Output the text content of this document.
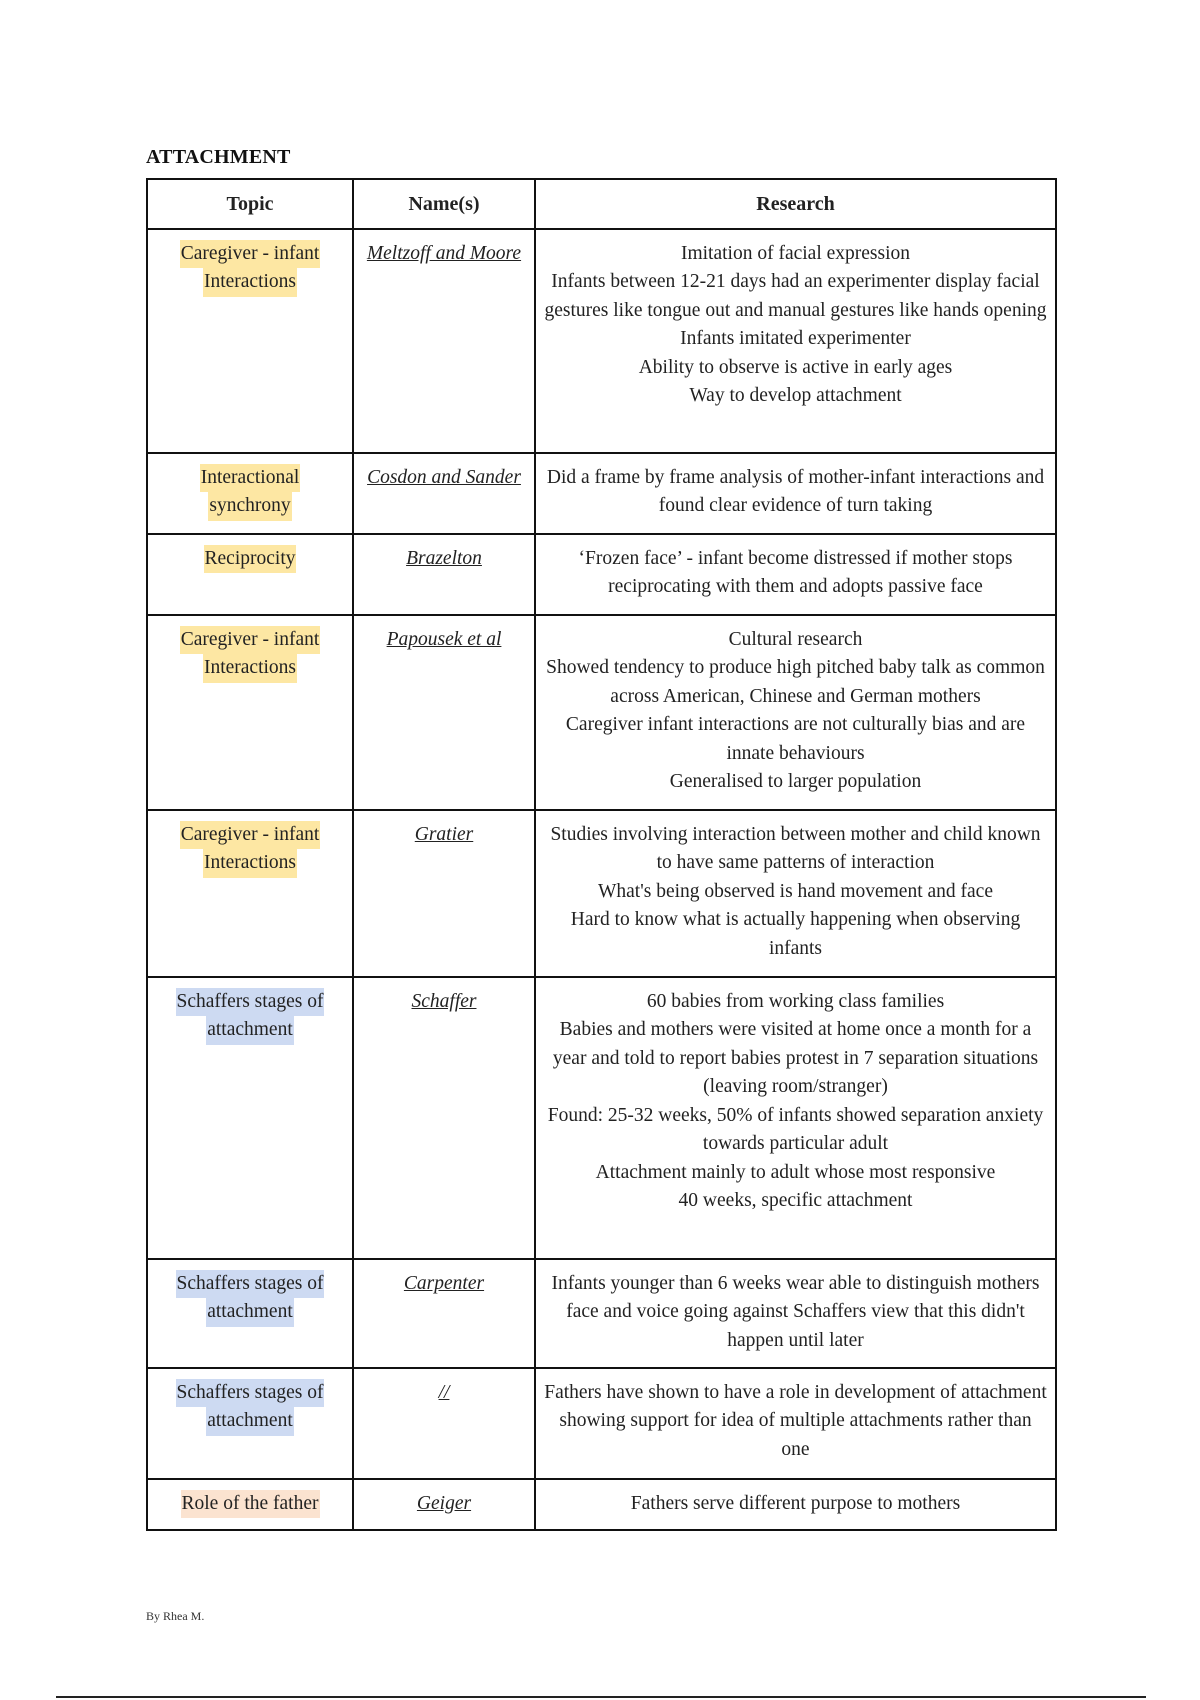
ATTACHMENT
Topic	Name(s)	Research

Caregiver - infant
Interactions	Meltzoff and Moore	Imitation of facial expression
Infants between 12-21 days had an experimenter display facial gestures like tongue out and manual gestures like hands opening
Infants imitated experimenter
Ability to observe is active in early ages
Way to develop attachment

Interactional
synchrony	Cosdon and Sander	Did a frame by frame analysis of mother-infant interactions and found clear evidence of turn taking

Reciprocity	Brazelton	‘Frozen face’ - infant become distressed if mother stops reciprocating with them and adopts passive face

Caregiver - infant
Interactions	Papousek et al	Cultural research
Showed tendency to produce high pitched baby talk as common across American, Chinese and German mothers
Caregiver infant interactions are not culturally bias and are innate behaviours
Generalised to larger population

Caregiver - infant
Interactions	Gratier	Studies involving interaction between mother and child known to have same patterns of interaction
What's being observed is hand movement and face
Hard to know what is actually happening when observing infants

Schaffers stages of
attachment	Schaffer	60 babies from working class families
Babies and mothers were visited at home once a month for a year and told to report babies protest in 7 separation situations (leaving room/stranger)
Found: 25-32 weeks, 50% of infants showed separation anxiety towards particular adult
Attachment mainly to adult whose most responsive
40 weeks, specific attachment

Schaffers stages of
attachment	Carpenter	Infants younger than 6 weeks wear able to distinguish mothers face and voice going against Schaffers view that this didn't happen until later

Schaffers stages of
attachment	//	Fathers have shown to have a role in development of attachment showing support for idea of multiple attachments rather than one

Role of the father	Geiger	Fathers serve different purpose to mothers
By Rhea M.
